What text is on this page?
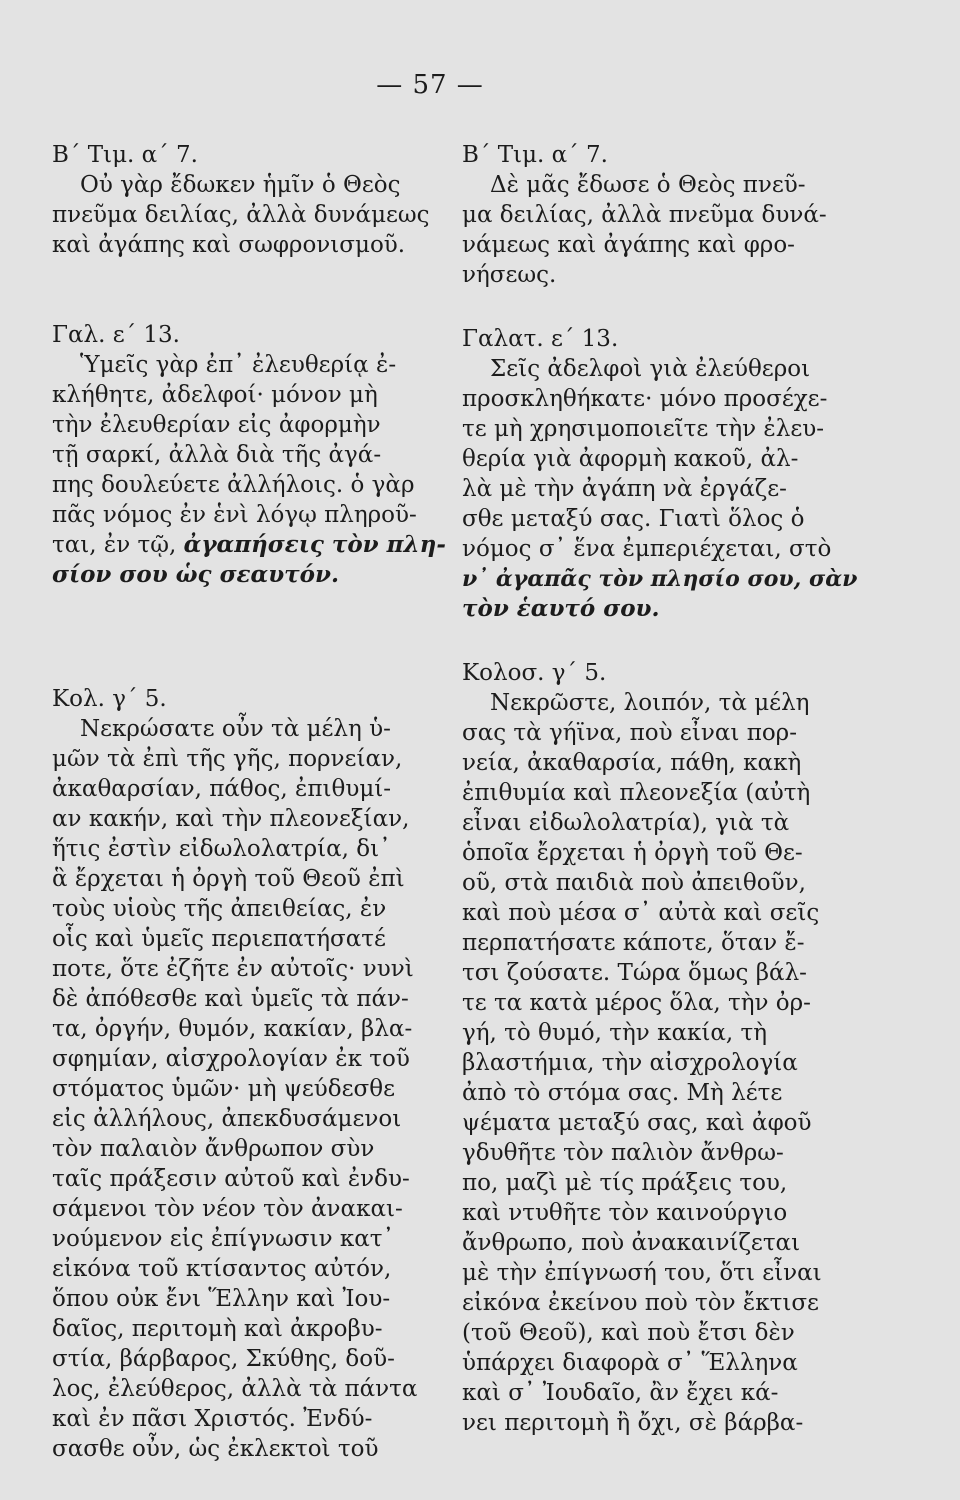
— 57 —
Β΄ Τιμ. α΄ 7.
Οὐ γὰρ ἔδωκεν ἡμῖν ὁ Θεὸς
πνεῦμα δειλίας, ἀλλὰ δυνάμεως
καὶ ἀγάπης καὶ σωφρονισμοῦ.
Γαλ. ε΄ 13.
Ὑμεῖς γὰρ ἐπ᾽ ἐλευθερίᾳ ἐ-
κλήθητε, ἀδελφοί· μόνον μὴ
τὴν ἐλευθερίαν εἰς ἀφορμὴν
τῇ σαρκί, ἀλλὰ διὰ τῆς ἀγά-
πης δουλεύετε ἀλλήλοις. ὁ γὰρ
πᾶς νόμος ἐν ἑνὶ λόγῳ πληροῦ-
ται, ἐν τῷ, ἀγαπήσεις τὸν πλη-
σίον σου ὡς σεαυτόν.
Κολ. γ΄ 5.
Νεκρώσατε οὖν τὰ μέλη ὑ-
μῶν τὰ ἐπὶ τῆς γῆς, πορνείαν,
ἀκαθαρσίαν, πάθος, ἐπιθυμί-
αν κακήν, καὶ τὴν πλεονεξίαν,
ἥτις ἐστὶν εἰδωλολατρία, δι᾽
ἃ ἔρχεται ἡ ὀργὴ τοῦ Θεοῦ ἐπὶ
τοὺς υἱοὺς τῆς ἀπειθείας, ἐν
οἷς καὶ ὑμεῖς περιεπατήσατέ
ποτε, ὅτε ἐζῆτε ἐν αὐτοῖς· νυνὶ
δὲ ἀπόθεσθε καὶ ὑμεῖς τὰ πάν-
τα, ὀργήν, θυμόν, κακίαν, βλα-
σφημίαν, αἰσχρολογίαν ἐκ τοῦ
στόματος ὑμῶν· μὴ ψεύδεσθε
εἰς ἀλλήλους, ἀπεκδυσάμενοι
τὸν παλαιὸν ἄνθρωπον σὺν
ταῖς πράξεσιν αὐτοῦ καὶ ἐνδυ-
σάμενοι τὸν νέον τὸν ἀνακαι-
νούμενον εἰς ἐπίγνωσιν κατ᾽
εἰκόνα τοῦ κτίσαντος αὐτόν,
ὅπου οὐκ ἔνι Ἕλλην καὶ Ἰου-
δαῖος, περιτομὴ καὶ ἀκροβυ-
στία, βάρβαρος, Σκύθης, δοῦ-
λος, ἐλεύθερος, ἀλλὰ τὰ πάντα
καὶ ἐν πᾶσι Χριστός. Ἐνδύ-
σασθε οὖν, ὡς ἐκλεκτοὶ τοῦ
Β΄ Τιμ. α΄ 7.
Δὲ μᾶς ἔδωσε ὁ Θεὸς πνεῦ-
μα δειλίας, ἀλλὰ πνεῦμα δυνά-
νάμεως καὶ ἀγάπης καὶ φρο-
νήσεως.
Γαλατ. ε΄ 13.
Σεῖς ἀδελφοὶ γιὰ ἐλεύθεροι
προσκληθήκατε· μόνο προσέχε-
τε μὴ χρησιμοποιεῖτε τὴν ἐλευ-
θερία γιὰ ἀφορμὴ κακοῦ, ἀλ-
λὰ μὲ τὴν ἀγάπη νὰ ἐργάζε-
σθε μεταξύ σας. Γιατὶ ὅλος ὁ
νόμος σ᾽ ἕνα ἐμπεριέχεται, στὸ
ν᾽ ἀγαπᾶς τὸν πλησίο σου, σὰν
τὸν ἑαυτό σου.
Κολοσ. γ΄ 5.
Νεκρῶστε, λοιπόν, τὰ μέλη
σας τὰ γήϊνα, ποὺ εἶναι πορ-
νεία, ἀκαθαρσία, πάθη, κακὴ
ἐπιθυμία καὶ πλεονεξία (αὐτὴ
εἶναι εἰδωλολατρία), γιὰ τὰ
ὁποῖα ἔρχεται ἡ ὀργὴ τοῦ Θε-
οῦ, στὰ παιδιὰ ποὺ ἀπειθοῦν,
καὶ ποὺ μέσα σ᾽ αὐτὰ καὶ σεῖς
περπατήσατε κάποτε, ὅταν ἔ-
τσι ζούσατε. Τώρα ὅμως βάλ-
τε τα κατὰ μέρος ὅλα, τὴν ὀρ-
γή, τὸ θυμό, τὴν κακία, τὴ
βλαστήμια, τὴν αἰσχρολογία
ἀπὸ τὸ στόμα σας. Μὴ λέτε
ψέματα μεταξύ σας, καὶ ἀφοῦ
γδυθῆτε τὸν παλιὸν ἄνθρω-
πο, μαζὶ μὲ τίς πράξεις του,
καὶ ντυθῆτε τὸν καινούργιο
ἄνθρωπο, ποὺ ἀνακαινίζεται
μὲ τὴν ἐπίγνωσή του, ὅτι εἶναι
εἰκόνα ἐκείνου ποὺ τὸν ἔκτισε
(τοῦ Θεοῦ), καὶ ποὺ ἔτσι δὲν
ὑπάρχει διαφορὰ σ᾽ Ἕλληνα
καὶ σ᾽ Ἰουδαῖο, ἂν ἔχει κά-
νει περιτομὴ ἢ ὄχι, σὲ βάρβα-
